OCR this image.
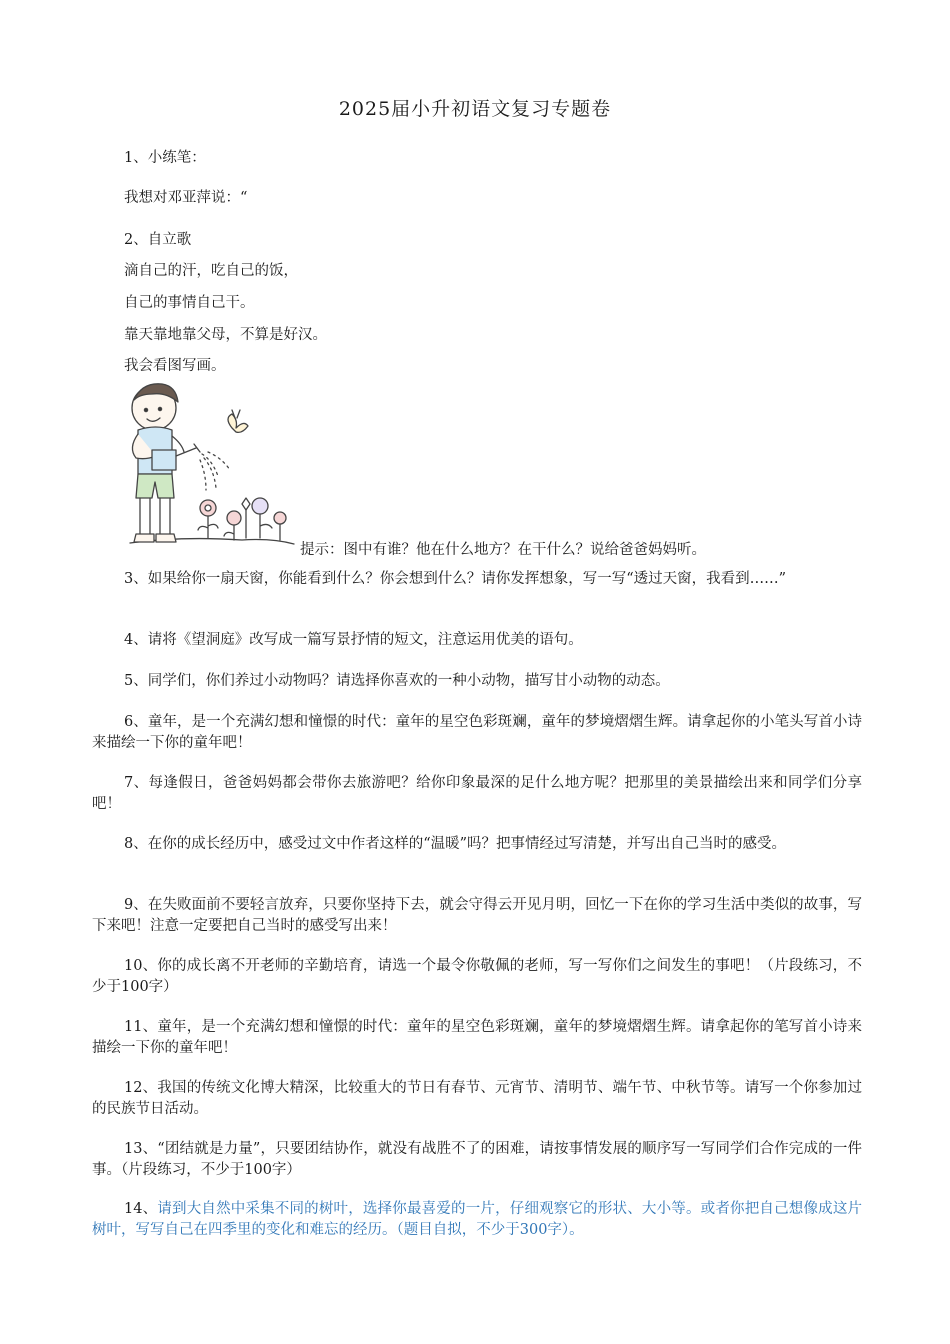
2025届小升初语文复习专题卷
1、小练笔：
我想对邓亚萍说：“
2、自立歌
滴自己的汗，吃自己的饭，
自己的事情自己干。
靠天靠地靠父母，不算是好汉。
我会看图写画。
提示：图中有谁？他在什么地方？在干什么？说给爸爸妈妈听。
3、如果给你一扇天窗，你能看到什么？你会想到什么？请你发挥想象，写一写“透过天窗，我看到……”
4、请将《望洞庭》改写成一篇写景抒情的短文，注意运用优美的语句。
5、同学们，你们养过小动物吗？请选择你喜欢的一种小动物，描写甘小动物的动态。
6、童年，是一个充满幻想和憧憬的时代：童年的星空色彩斑斓，童年的梦境熠熠生辉。请拿起你的小笔头写首小诗来描绘一下你的童年吧！
7、每逢假日，爸爸妈妈都会带你去旅游吧？给你印象最深的足什么地方呢？把那里的美景描绘出来和同学们分享吧！
8、在你的成长经历中，感受过文中作者这样的“温暖”吗？把事情经过写清楚，并写出自己当时的感受。
9、在失败面前不要轻言放弃，只要你坚持下去，就会守得云开见月明，回忆一下在你的学习生活中类似的故事，写下来吧！注意一定要把自己当时的感受写出来！
10、你的成长离不开老师的辛勤培育，请选一个最令你敬佩的老师，写一写你们之间发生的事吧！（片段练习，不少于100字）
11、童年，是一个充满幻想和憧憬的时代：童年的星空色彩斑斓，童年的梦境熠熠生辉。请拿起你的笔写首小诗来描绘一下你的童年吧！
12、我国的传统文化博大精深，比较重大的节日有春节、元宵节、清明节、端午节、中秋节等。请写一个你参加过的民族节日活动。
13、“团结就是力量”，只要团结协作，就没有战胜不了的困难，请按事情发展的顺序写一写同学们合作完成的一件事。（片段练习，不少于100字）
14、请到大自然中采集不同的树叶，选择你最喜爱的一片，仔细观察它的形状、大小等。或者你把自己想像成这片树叶，写写自己在四季里的变化和难忘的经历。（题目自拟，不少于300字）。
